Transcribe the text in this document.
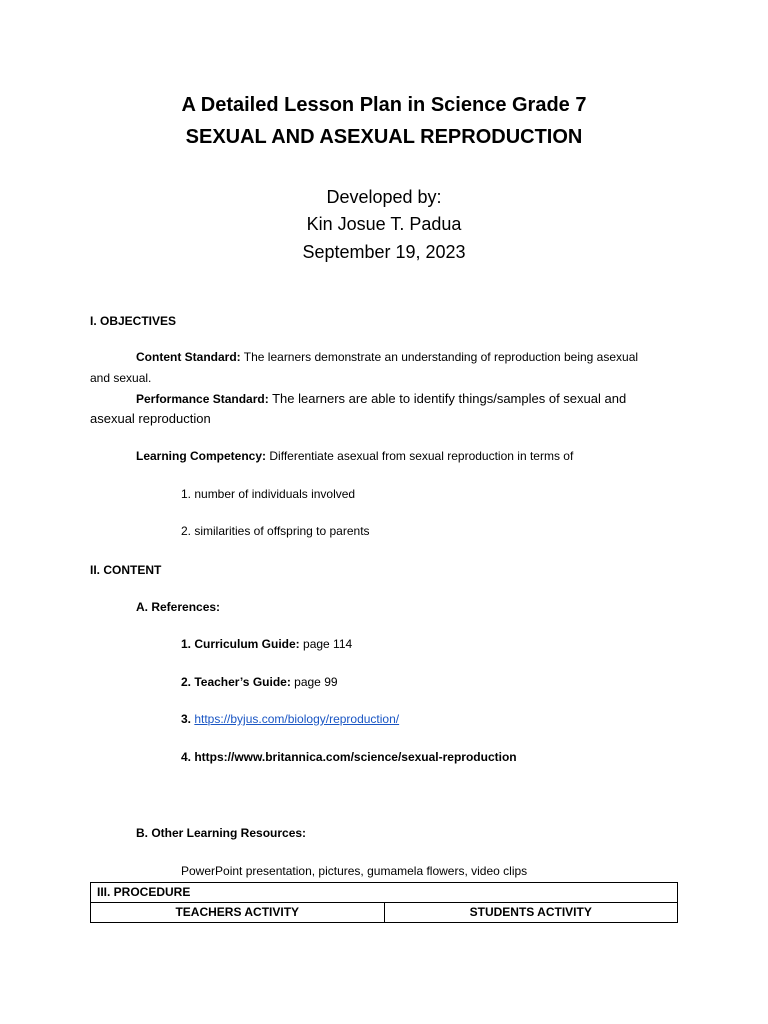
A Detailed Lesson Plan in Science Grade 7
SEXUAL AND ASEXUAL REPRODUCTION
Developed by:
Kin Josue T. Padua
September 19, 2023
I. OBJECTIVES
Content Standard: The learners demonstrate an understanding of reproduction being asexual
and sexual.
Performance Standard: The learners are able to identify things/samples of sexual and
asexual reproduction
Learning Competency: Differentiate asexual from sexual reproduction in terms of
1. number of individuals involved
2. similarities of offspring to parents
II. CONTENT
A. References:
1. Curriculum Guide: page 114
2. Teacher’s Guide: page 99
3. https://byjus.com/biology/reproduction/
4. https://www.britannica.com/science/sexual-reproduction
B. Other Learning Resources:
PowerPoint presentation, pictures, gumamela flowers, video clips
III. PROCEDURE
TEACHERS ACTIVITY	STUDENTS ACTIVITY
